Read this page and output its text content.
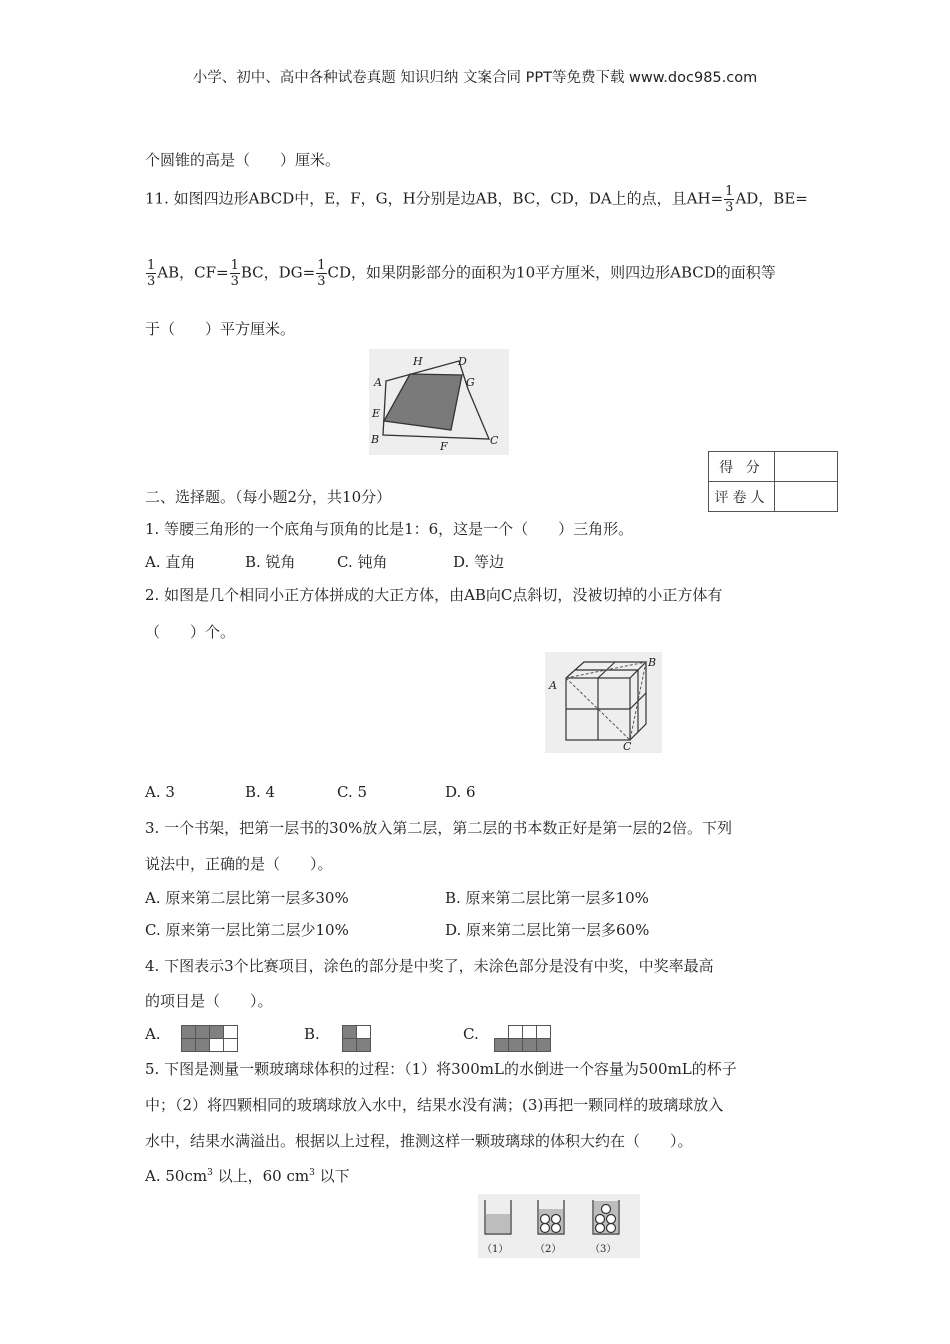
小学、初中、高中各种试卷真题 知识归纳 文案合同 PPT等免费下载 www.doc985.com
个圆锥的高是（　　）厘米。
11. 如图四边形ABCD中，E，F，G，H分别是边AB，BC，CD，DA上的点，且$AH= \frac{1}{3}$ AD，BE=
$\frac{1}{3}$ AB，$CF= \frac{1}{3}$ BC，$DG= \frac{1}{3}$ CD，如果阴影部分的面积为10平方厘米，则四边形ABCD的面积等
于（　　）平方厘米。
H	D
A	G
E
B
F	C
得 分	
评卷人	
二、选择题。（每小题2分，共10分）
1. 等腰三角形的一个底角与顶角的比是1：6，这是一个（　　）三角形。
A. 直角	B. 锐角	C. 钝角	D. 等边
2. 如图是几个相同小正方体拼成的大正方体，由AB向C点斜切，没被切掉的小正方体有
（　　）个。
A
B
C
A. 3	B. 4	C. 5	D. 6
3. 一个书架，把第一层书的30%放入第二层，第二层的书本数正好是第一层的2倍。下列
说法中，正确的是（　　）。
A. 原来第二层比第一层多30%	B. 原来第二层比第一层多10%
C. 原来第一层比第二层少10%	D. 原来第二层比第一层多60%
4. 下图表示3个比赛项目，涂色的部分是中奖了，未涂色部分是没有中奖，中奖率最高
的项目是（　　）。
A.	B.	C.
5. 下图是测量一颗玻璃球体积的过程：（1）将300mL的水倒进一个容量为500mL的杯子
中；（2）将四颗相同的玻璃球放入水中，结果水没有满；(3)再把一颗同样的玻璃球放入
水中，结果水满溢出。根据以上过程，推测这样一颗玻璃球的体积大约在（　　）。
A. $50cm^3$ 以上，60 $cm^3$ 以下
（1）	（2）	（3）
